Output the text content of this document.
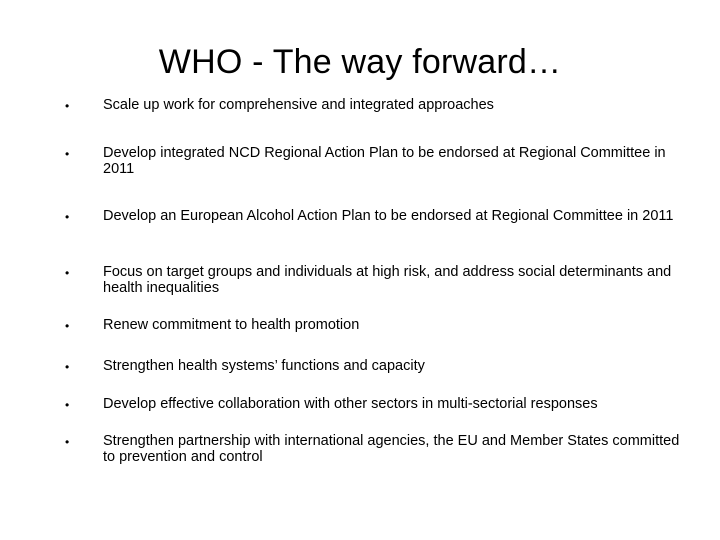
WHO - The way forward…
• Scale up work for comprehensive and integrated approaches
• Develop integrated NCD Regional Action Plan to be endorsed at Regional Committee in 2011
• Develop an European Alcohol Action Plan to be endorsed at Regional Committee in 2011
• Focus on target groups and individuals at high risk, and address social determinants and health inequalities
• Renew commitment to health promotion
• Strengthen health systems’ functions and capacity
• Develop effective collaboration with other sectors in multi-sectorial responses
• Strengthen partnership with international agencies, the EU and Member States committed to prevention and control
